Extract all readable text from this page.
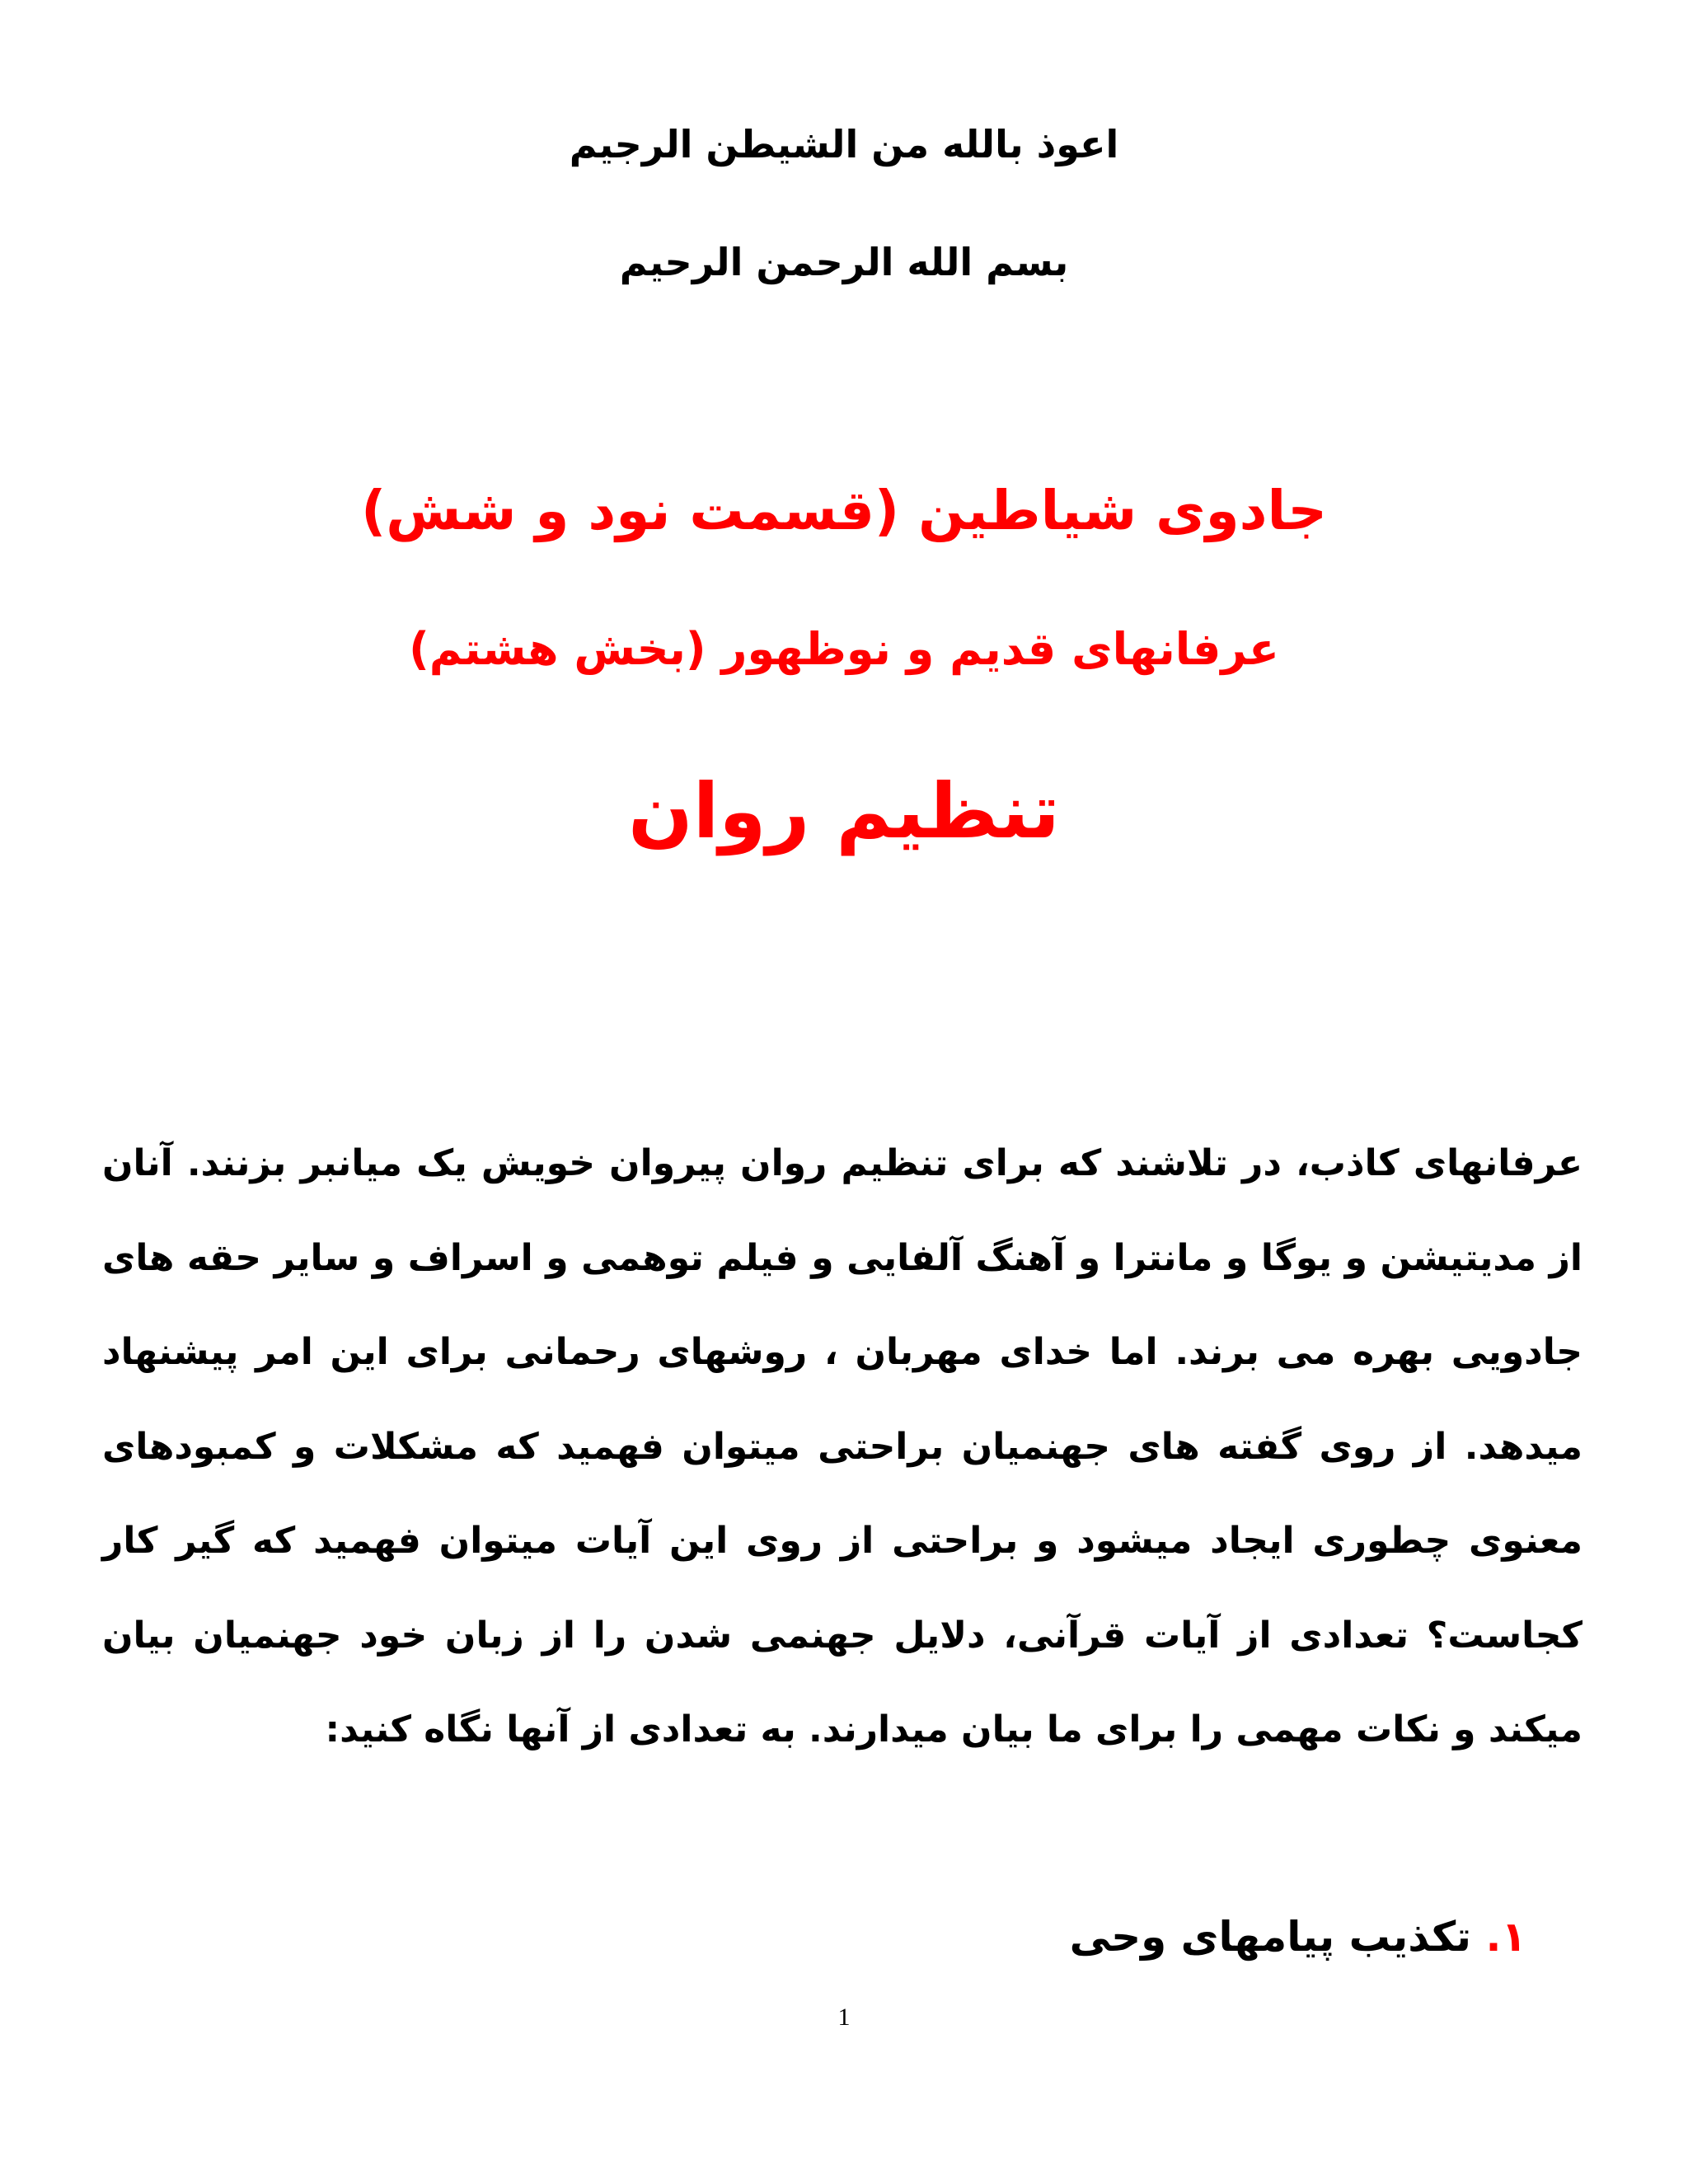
اعوذ بالله من الشیطن الرجیم
بسم الله الرحمن الرحیم
جادوی شیاطین (قسمت نود و شش)
عرفانهای قدیم و نوظهور (بخش هشتم)
تنظیم روان
عرفانهای کاذب، در تلاشند که برای تنظیم روان پیروان خویش یک میانبر بزنند. آنان از مدیتیشن و یوگا و مانترا و آهنگ آلفایی و فیلم توهمی و اسراف و سایر حقه های جادویی بهره می برند. اما خدای مهربان ، روشهای رحمانی برای این امر پیشنهاد میدهد. از روی گفته های جهنمیان براحتی میتوان فهمید که مشکلات و کمبودهای معنوی چطوری ایجاد میشود و براحتی از روی این آیات میتوان فهمید که گیر کار کجاست؟ تعدادی از آیات قرآنی، دلایل جهنمی شدن را از زبان خود جهنمیان بیان میکند و نکات مهمی را برای ما بیان میدارند. به تعدادی از آنها نگاه کنید:
۱. تکذیب پیامهای وحی
1
